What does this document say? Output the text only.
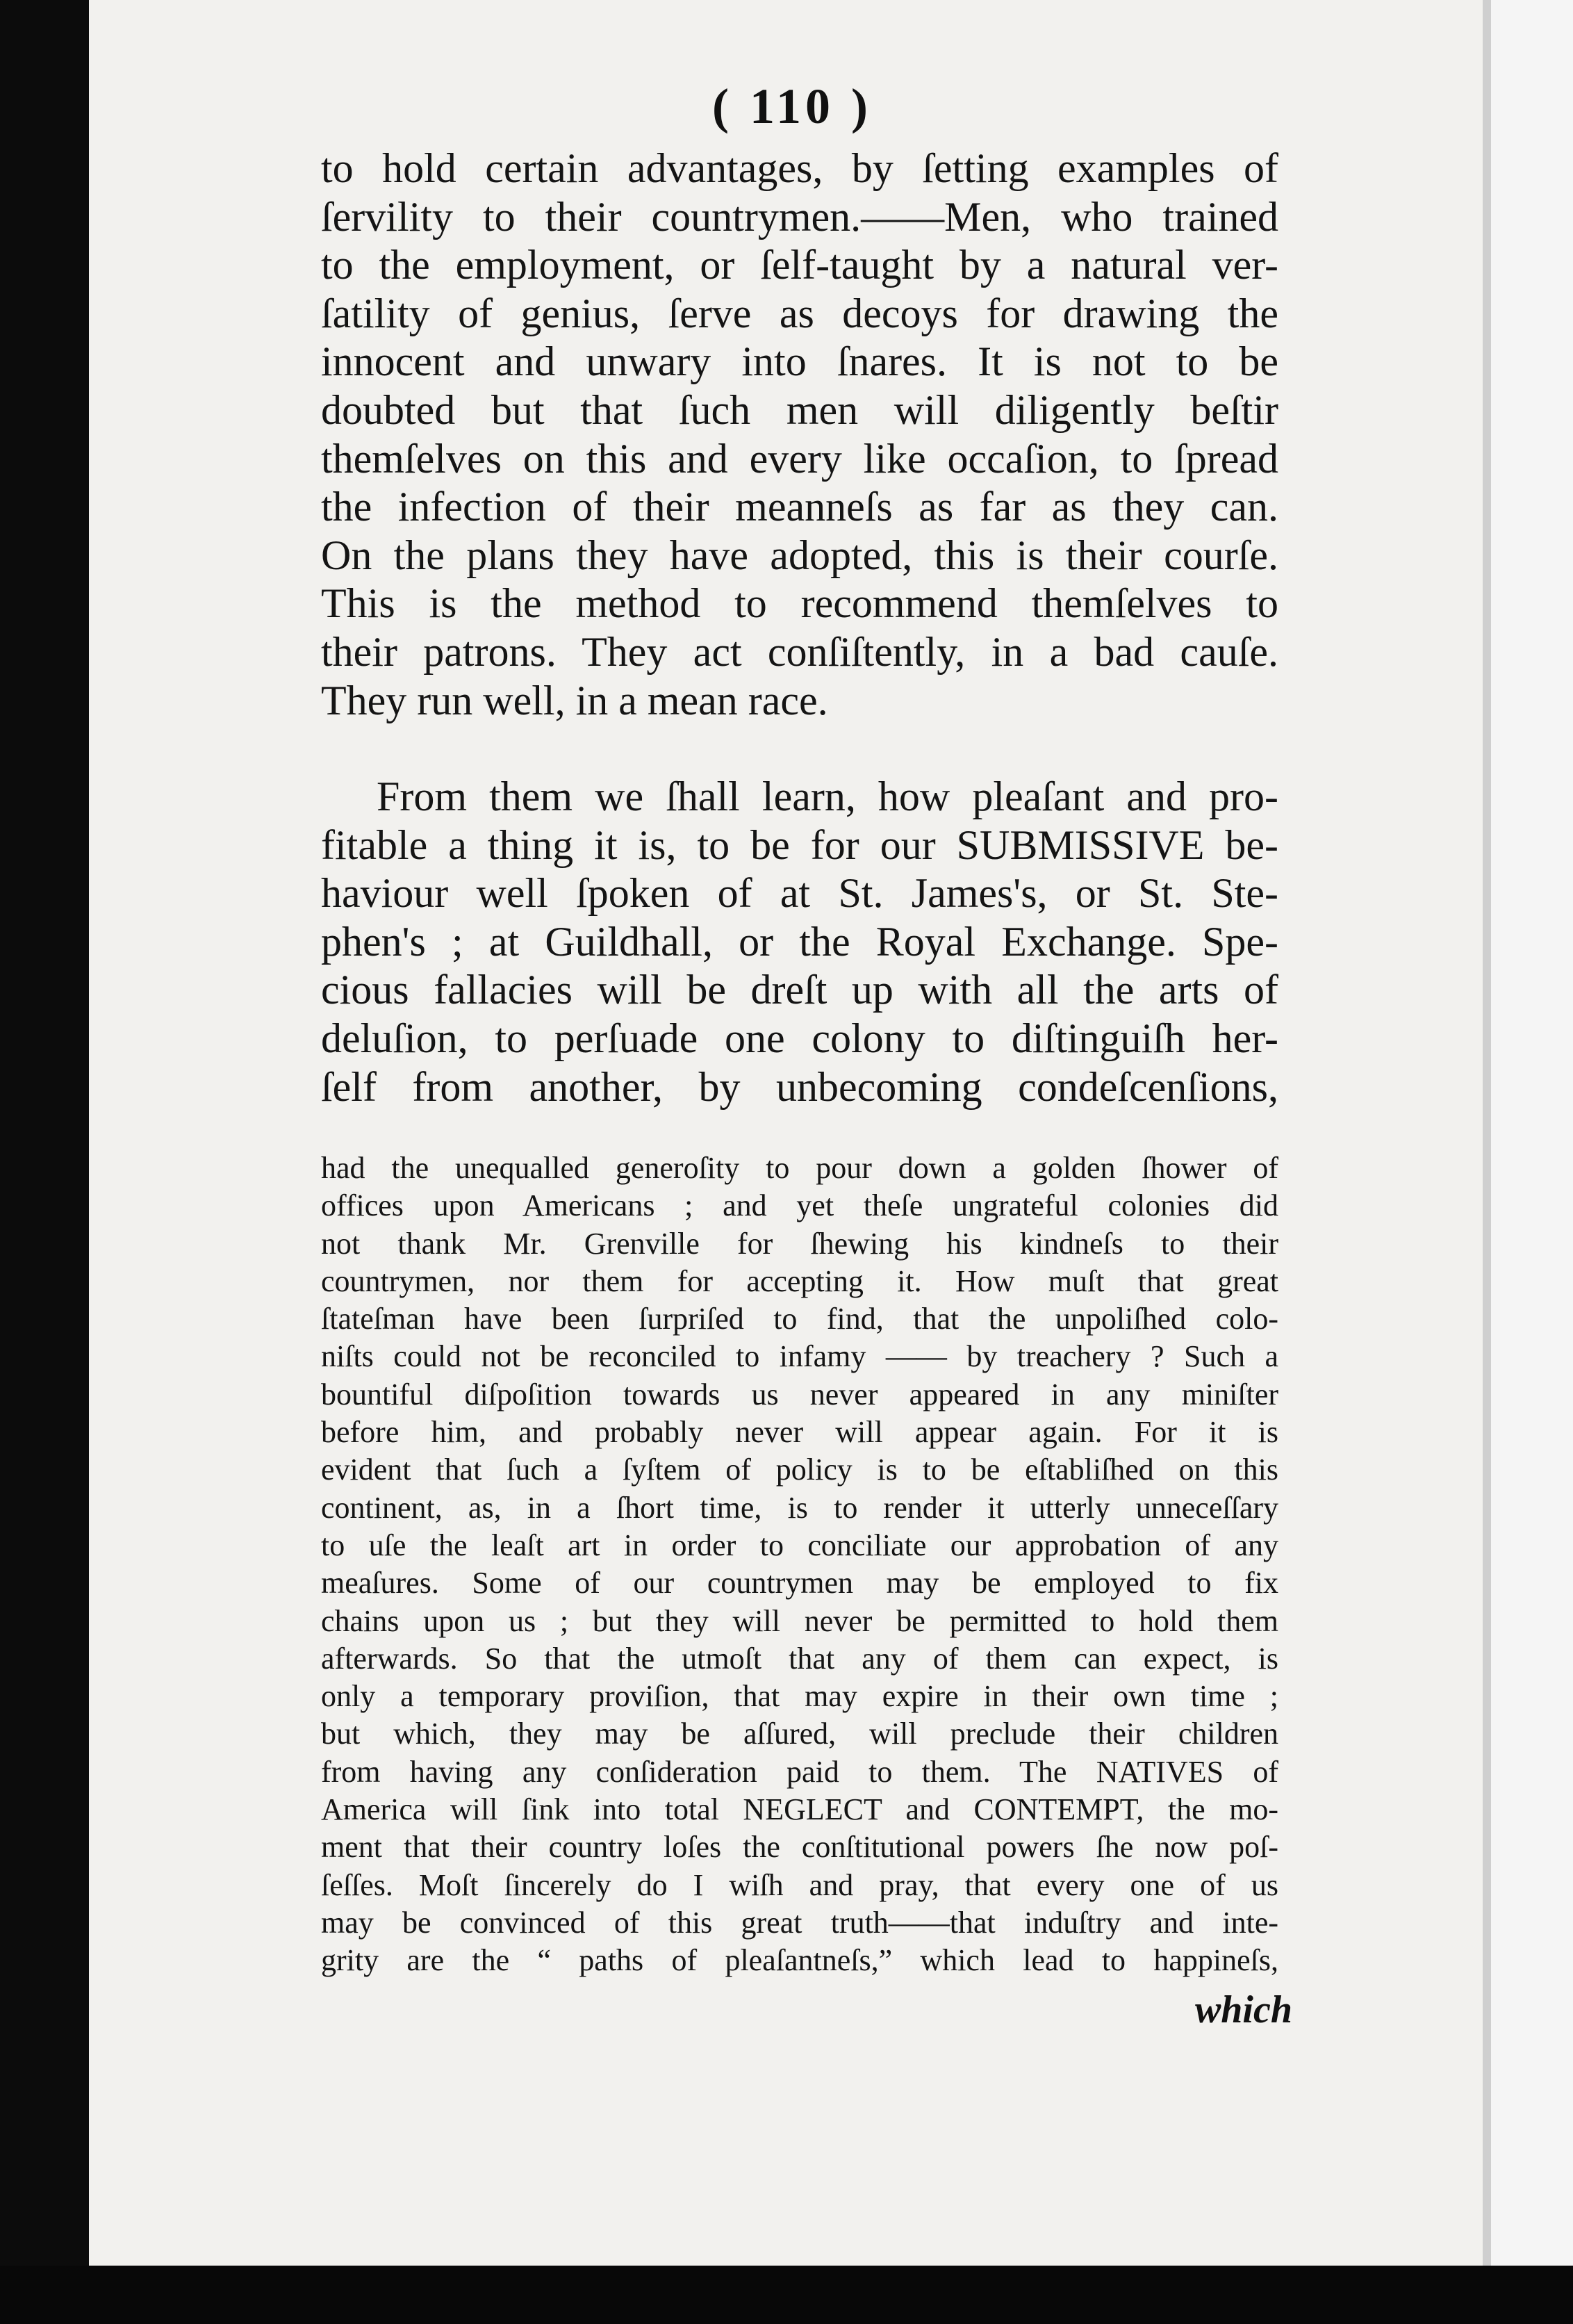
( 110 )
to hold certain advantages, by ſetting examples of
ſervility to their countrymen.——Men, who trained
to the employment, or ſelf-taught by a natural ver-
ſatility of genius, ſerve as decoys for drawing the
innocent and unwary into ſnares. It is not to be
doubted but that ſuch men will diligently beſtir
themſelves on this and every like occaſion, to ſpread
the infection of their meanneſs as far as they can.
On the plans they have adopted, this is their courſe.
This is the method to recommend themſelves to
their patrons. They act conſiſtently, in a bad cauſe.
They run well, in a mean race.
From them we ſhall learn, how pleaſant and pro-
fitable a thing it is, to be for our SUBMISSIVE be-
haviour well ſpoken of at St. James's, or St. Ste-
phen's ; at Guildhall, or the Royal Exchange. Spe-
cious fallacies will be dreſt up with all the arts of
deluſion, to perſuade one colony to diſtinguiſh her-
ſelf from another, by unbecoming condeſcenſions,
had the unequalled generoſity to pour down a golden ſhower of
offices upon Americans ; and yet theſe ungrateful colonies did
not thank Mr. Grenville for ſhewing his kindneſs to their
countrymen, nor them for accepting it. How muſt that great
ſtateſman have been ſurpriſed to find, that the unpoliſhed colo-
niſts could not be reconciled to infamy —— by treachery ? Such a
bountiful diſpoſition towards us never appeared in any miniſter
before him, and probably never will appear again. For it is
evident that ſuch a ſyſtem of policy is to be eſtabliſhed on this
continent, as, in a ſhort time, is to render it utterly unneceſſary
to uſe the leaſt art in order to conciliate our approbation of any
meaſures. Some of our countrymen may be employed to fix
chains upon us ; but they will never be permitted to hold them
afterwards. So that the utmoſt that any of them can expect, is
only a temporary proviſion, that may expire in their own time ;
but which, they may be aſſured, will preclude their children
from having any conſideration paid to them. The NATIVES of
America will ſink into total NEGLECT and CONTEMPT, the mo-
ment that their country loſes the conſtitutional powers ſhe now poſ-
ſeſſes. Moſt ſincerely do I wiſh and pray, that every one of us
may be convinced of this great truth——that induſtry and inte-
grity are the “ paths of pleaſantneſs,” which lead to happineſs,
which
